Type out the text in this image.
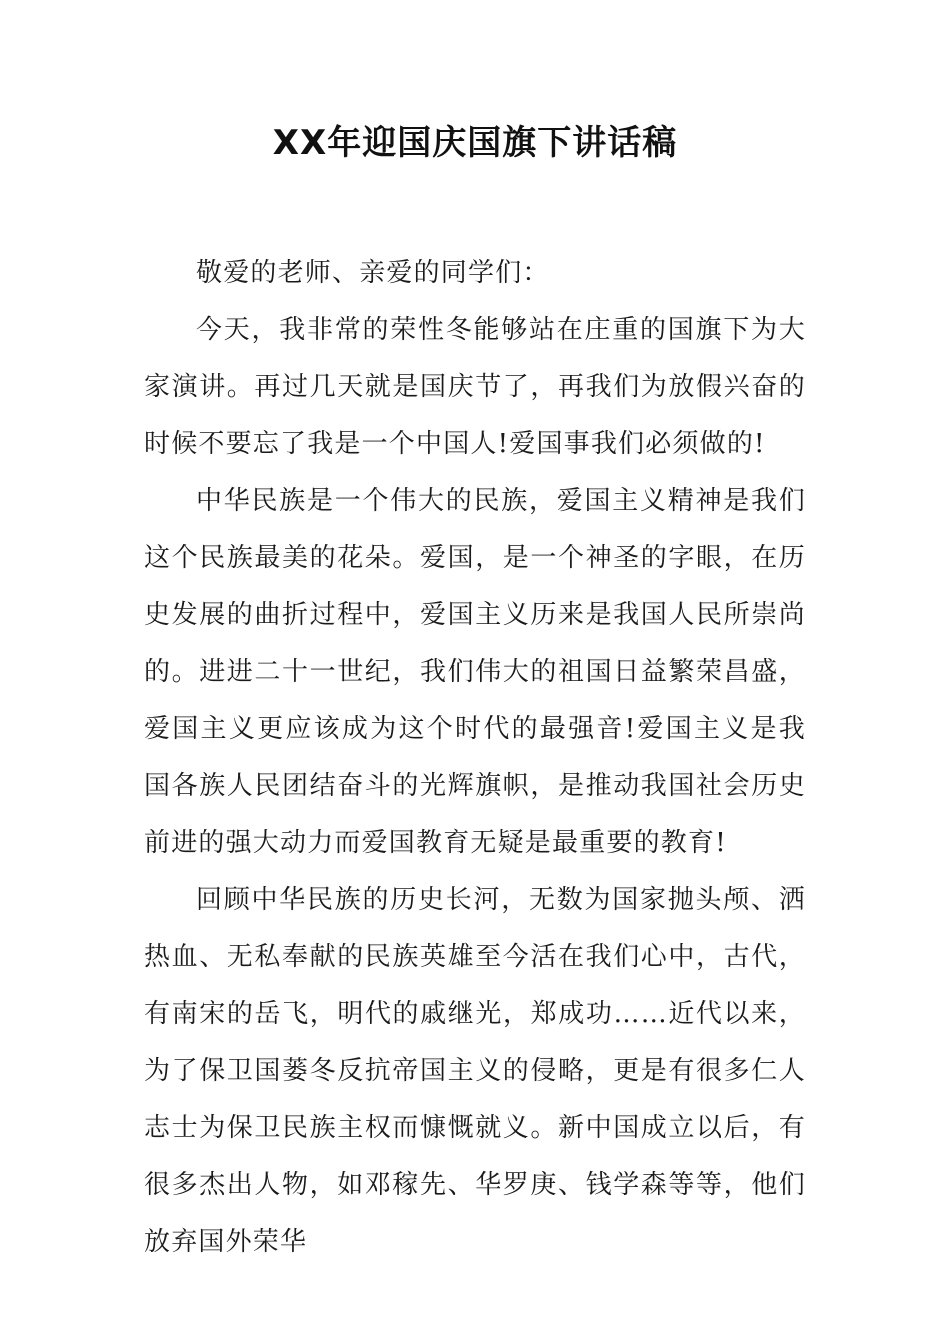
XX年迎国庆国旗下讲话稿

敬爱的老师、亲爱的同学们：

今天，我非常的荣性冬能够站在庄重的国旗下为大家演讲。再过几天就是国庆节了，再我们为放假兴奋的时候不要忘了我是一个中国人!爱国事我们必须做的!

中华民族是一个伟大的民族，爱国主义精神是我们这个民族最美的花朵。爱国，是一个神圣的字眼，在历史发展的曲折过程中，爱国主义历来是我国人民所崇尚的。进进二十一世纪，我们伟大的祖国日益繁荣昌盛，爱国主义更应该成为这个时代的最强音!爱国主义是我国各族人民团结奋斗的光辉旗帜，是推动我国社会历史前进的强大动力而爱国教育无疑是最重要的教育!

回顾中华民族的历史长河，无数为国家抛头颅、洒热血、无私奉献的民族英雄至今活在我们心中，古代，有南宋的岳飞，明代的戚继光，郑成功……近代以来，为了保卫国蒌冬反抗帝国主义的侵略，更是有很多仁人志士为保卫民族主权而慷慨就义。新中国成立以后，有很多杰出人物，如邓稼先、华罗庚、钱学森等等，他们放弃国外荣华
